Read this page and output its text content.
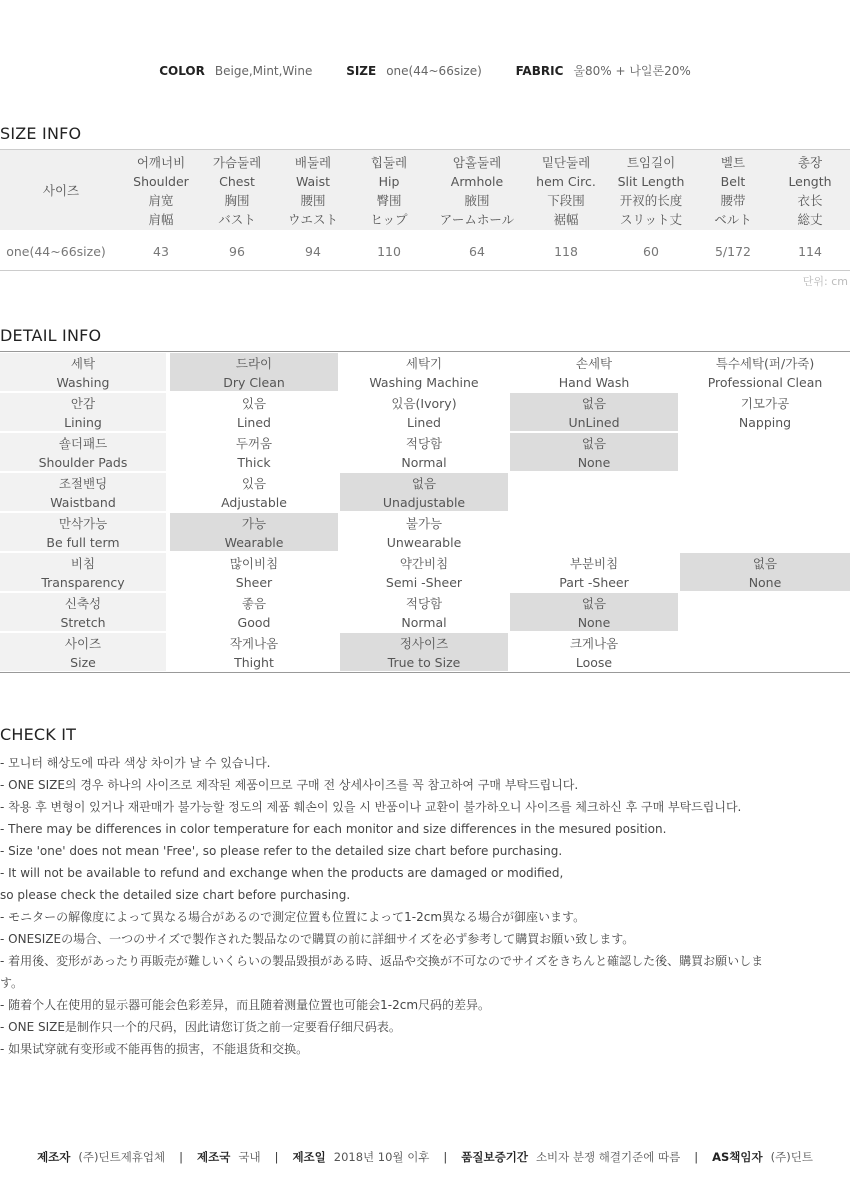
COLOR Beige,Mint,Wine	SIZE one(44~66size)	FABRIC 울80% + 나일론20%
SIZE INFO
사이즈
어깨너비
Shoulder
肩宽
肩幅
43
가슴둘레
Chest
胸围
バスト
96
배둘레
Waist
腰围
ウエスト
94
힙둘레
Hip
臀围
ヒップ
110
암홀둘레
Armhole
腋围
アームホール
64
밑단둘레
hem Circ.
下段围
裾幅
118
트임길이
Slit Length
开衩的长度
スリット丈
60
벨트
Belt
腰带
ベルト
5/172
총장
Length
衣长
総丈
114
one(44~66size)
단위: cm
DETAIL INFO
세탁
Washing
드라이
Dry Clean
세탁기
Washing Machine
손세탁
Hand Wash
특수세탁(퍼/가죽)
Professional Clean
안감
Lining
있음
Lined
있음(Ivory)
Lined
없음
UnLined
기모가공
Napping
숄더패드
Shoulder Pads
두꺼움
Thick
적당함
Normal
없음
None
조절밴딩
Waistband
있음
Adjustable
없음
Unadjustable
만삭가능
Be full term
가능
Wearable
불가능
Unwearable
비침
Transparency
많이비침
Sheer
약간비침
Semi -Sheer
부분비침
Part -Sheer
없음
None
신축성
Stretch
좋음
Good
적당함
Normal
없음
None
사이즈
Size
작게나옴
Thight
정사이즈
True to Size
크게나옴
Loose
CHECK IT
- 모니터 해상도에 따라 색상 차이가 날 수 있습니다.
- ONE SIZE의 경우 하나의 사이즈로 제작된 제품이므로 구매 전 상세사이즈를 꼭 참고하여 구매 부탁드립니다.
- 착용 후 변형이 있거나 재판매가 불가능할 정도의 제품 훼손이 있을 시 반품이나 교환이 불가하오니 사이즈를 체크하신 후 구매 부탁드립니다.
- There may be differences in color temperature for each monitor and size differences in the mesured position.
- Size 'one' does not mean 'Free', so please refer to the detailed size chart before purchasing.
- It will not be available to refund and exchange when the products are damaged or modified,
so please check the detailed size chart before purchasing.
- モニターの解像度によって異なる場合があるので測定位置も位置によって1-2cm異なる場合が御座います。
- ONESIZEの場合、一つのサイズで製作された製品なので購買の前に詳細サイズを必ず参考して購買お願い致します。
- 着用後、変形があったり再販売が難しいくらいの製品毀損がある時、返品や交換が不可なのでサイズをきちんと確認した後、購買お願いしま
す。
- 随着个人在使用的显示器可能会色彩差异，而且随着测量位置也可能会1-2cm尺码的差异。
- ONE SIZE是制作只一个的尺码，因此请您订货之前一定要看仔细尺码表。
- 如果试穿就有变形或不能再售的损害，不能退货和交换。
제조자 (주)딘트제휴업체 | 제조국 국내 | 제조일 2018년 10월 이후 | 품질보증기간 소비자 분쟁 해결기준에 따름 | AS책임자 (주)딘트
